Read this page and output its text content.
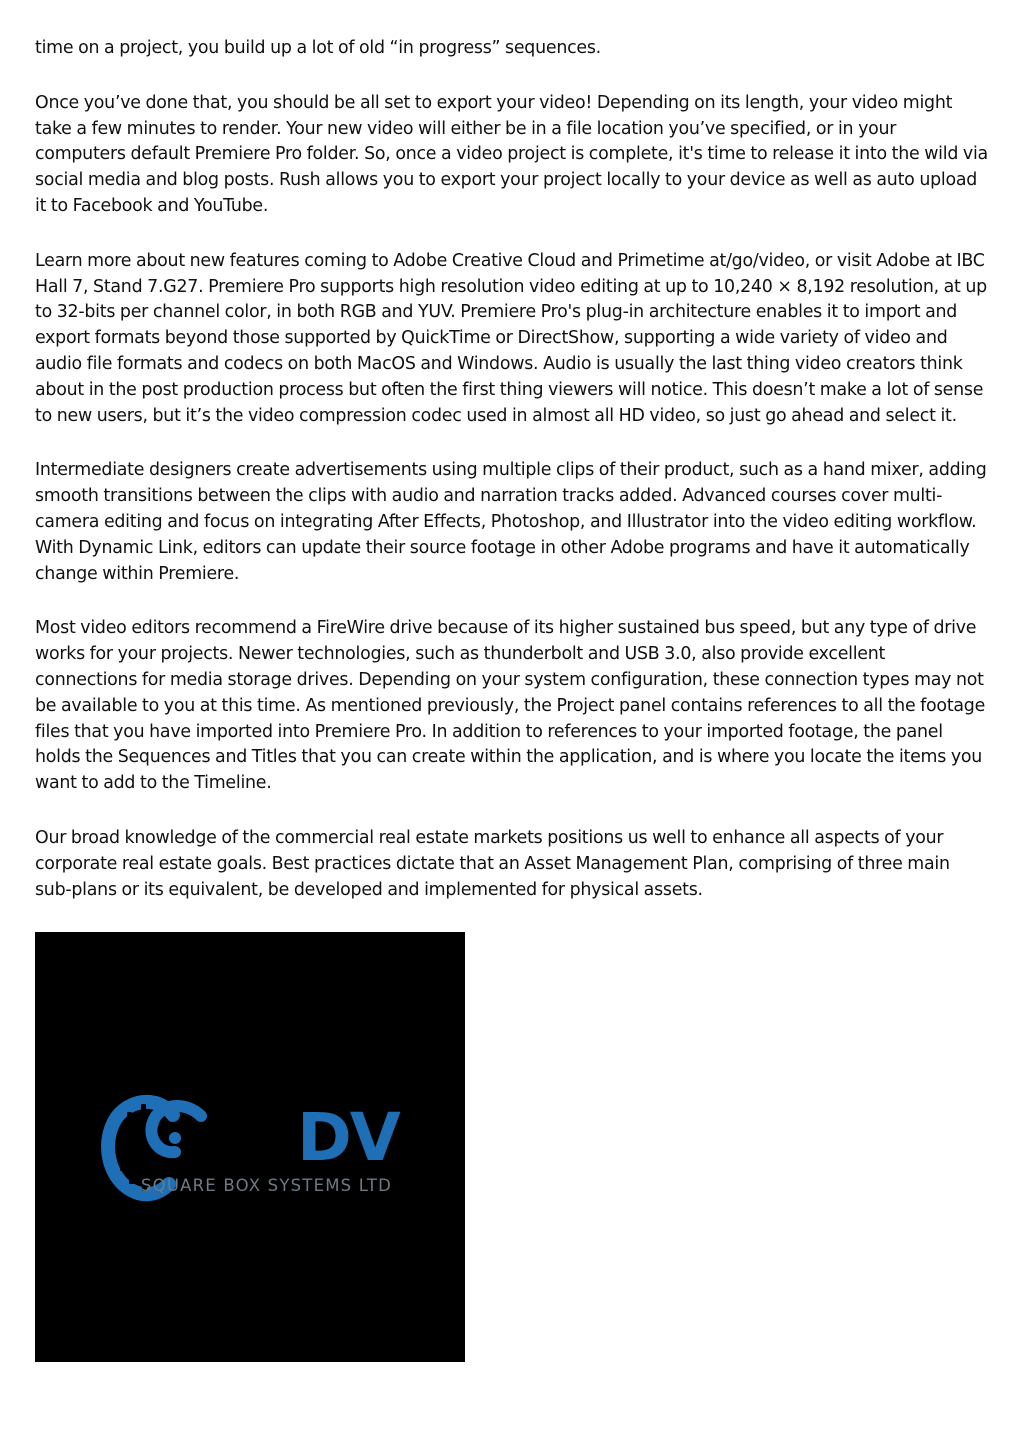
time on a project, you build up a lot of old “in progress” sequences.

Once you’ve done that, you should be all set to export your video! Depending on its length, your video might take a few minutes to render. Your new video will either be in a file location you’ve specified, or in your computers default Premiere Pro folder. So, once a video project is complete, it's time to release it into the wild via social media and blog posts. Rush allows you to export your project locally to your device as well as auto upload it to Facebook and YouTube.

Learn more about new features coming to Adobe Creative Cloud and Primetime at/go/video, or visit Adobe at IBC Hall 7, Stand 7.G27. Premiere Pro supports high resolution video editing at up to 10,240 × 8,192 resolution, at up to 32-bits per channel color, in both RGB and YUV. Premiere Pro's plug-in architecture enables it to import and export formats beyond those supported by QuickTime or DirectShow, supporting a wide variety of video and audio file formats and codecs on both MacOS and Windows. Audio is usually the last thing video creators think about in the post production process but often the first thing viewers will notice. This doesn’t make a lot of sense to new users, but it’s the video compression codec used in almost all HD video, so just go ahead and select it.

Intermediate designers create advertisements using multiple clips of their product, such as a hand mixer, adding smooth transitions between the clips with audio and narration tracks added. Advanced courses cover multi-camera editing and focus on integrating After Effects, Photoshop, and Illustrator into the video editing workflow. With Dynamic Link, editors can update their source footage in other Adobe programs and have it automatically change within Premiere.

Most video editors recommend a FireWire drive because of its higher sustained bus speed, but any type of drive works for your projects. Newer technologies, such as thunderbolt and USB 3.0, also provide excellent connections for media storage drives. Depending on your system configuration, these connection types may not be available to you at this time. As mentioned previously, the Project panel contains references to all the footage files that you have imported into Premiere Pro. In addition to references to your imported footage, the panel holds the Sequences and Titles that you can create within the application, and is where you locate the items you want to add to the Timeline.

Our broad knowledge of the commercial real estate markets positions us well to enhance all aspects of your corporate real estate goals. Best practices dictate that an Asset Management Plan, comprising of three main sub-plans or its equivalent, be developed and implemented for physical assets.

DV
SQUARE BOX SYSTEMS LTD
